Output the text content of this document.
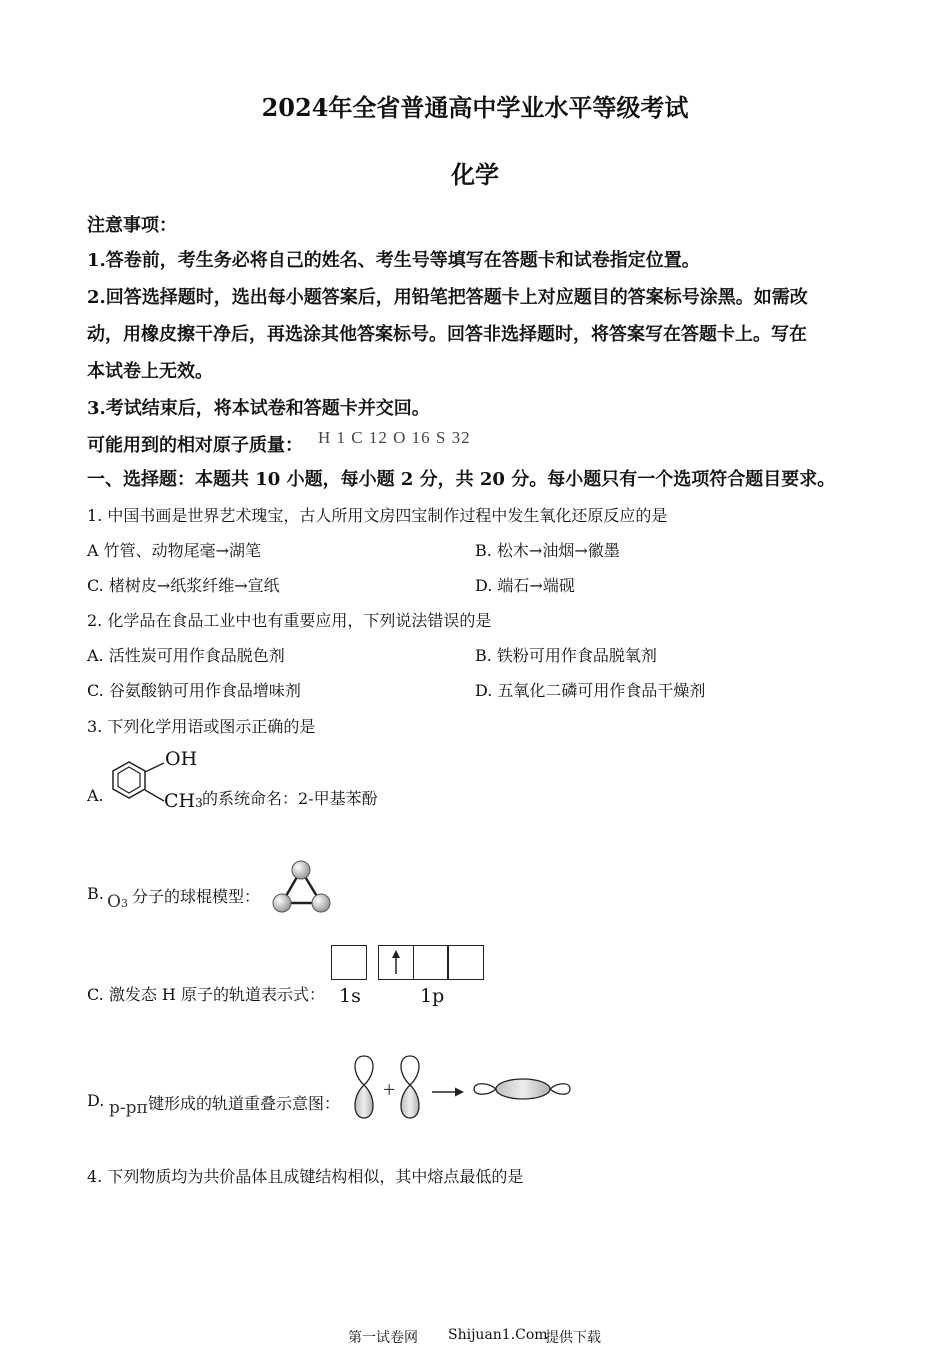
2024年全省普通高中学业水平等级考试
化学
注意事项：
1.答卷前，考生务必将自己的姓名、考生号等填写在答题卡和试卷指定位置。
2.回答选择题时，选出每小题答案后，用铅笔把答题卡上对应题目的答案标号涂黑。如需改
动，用橡皮擦干净后，再选涂其他答案标号。回答非选择题时，将答案写在答题卡上。写在
本试卷上无效。
3.考试结束后，将本试卷和答题卡并交回。
可能用到的相对原子质量： H 1 C 12 O 16 S 32
一、选择题：本题共 10 小题，每小题 2 分，共 20 分。每小题只有一个选项符合题目要求。
1. 中国书画是世界艺术瑰宝，古人所用文房四宝制作过程中发生氧化还原反应的是
A 竹管、动物尾毫→湖笔	B. 松木→油烟→徽墨
C. 楮树皮→纸浆纤维→宣纸	D. 端石→端砚
2. 化学品在食品工业中也有重要应用，下列说法错误的是
A. 活性炭可用作食品脱色剂	B. 铁粉可用作食品脱氧剂
C. 谷氨酸钠可用作食品增味剂	D. 五氧化二磷可用作食品干燥剂
3. 下列化学用语或图示正确的是
A.
OH
CH3 的系统命名：2-甲基苯酚
B. O3 分子的球棍模型：
C. 激发态 H 原子的轨道表示式： 1s	1p
D. p-pπ 键形成的轨道重叠示意图：
+
4. 下列物质均为共价晶体且成键结构相似，其中熔点最低的是
第一试卷网 Shijuan1.Com
提供下载
